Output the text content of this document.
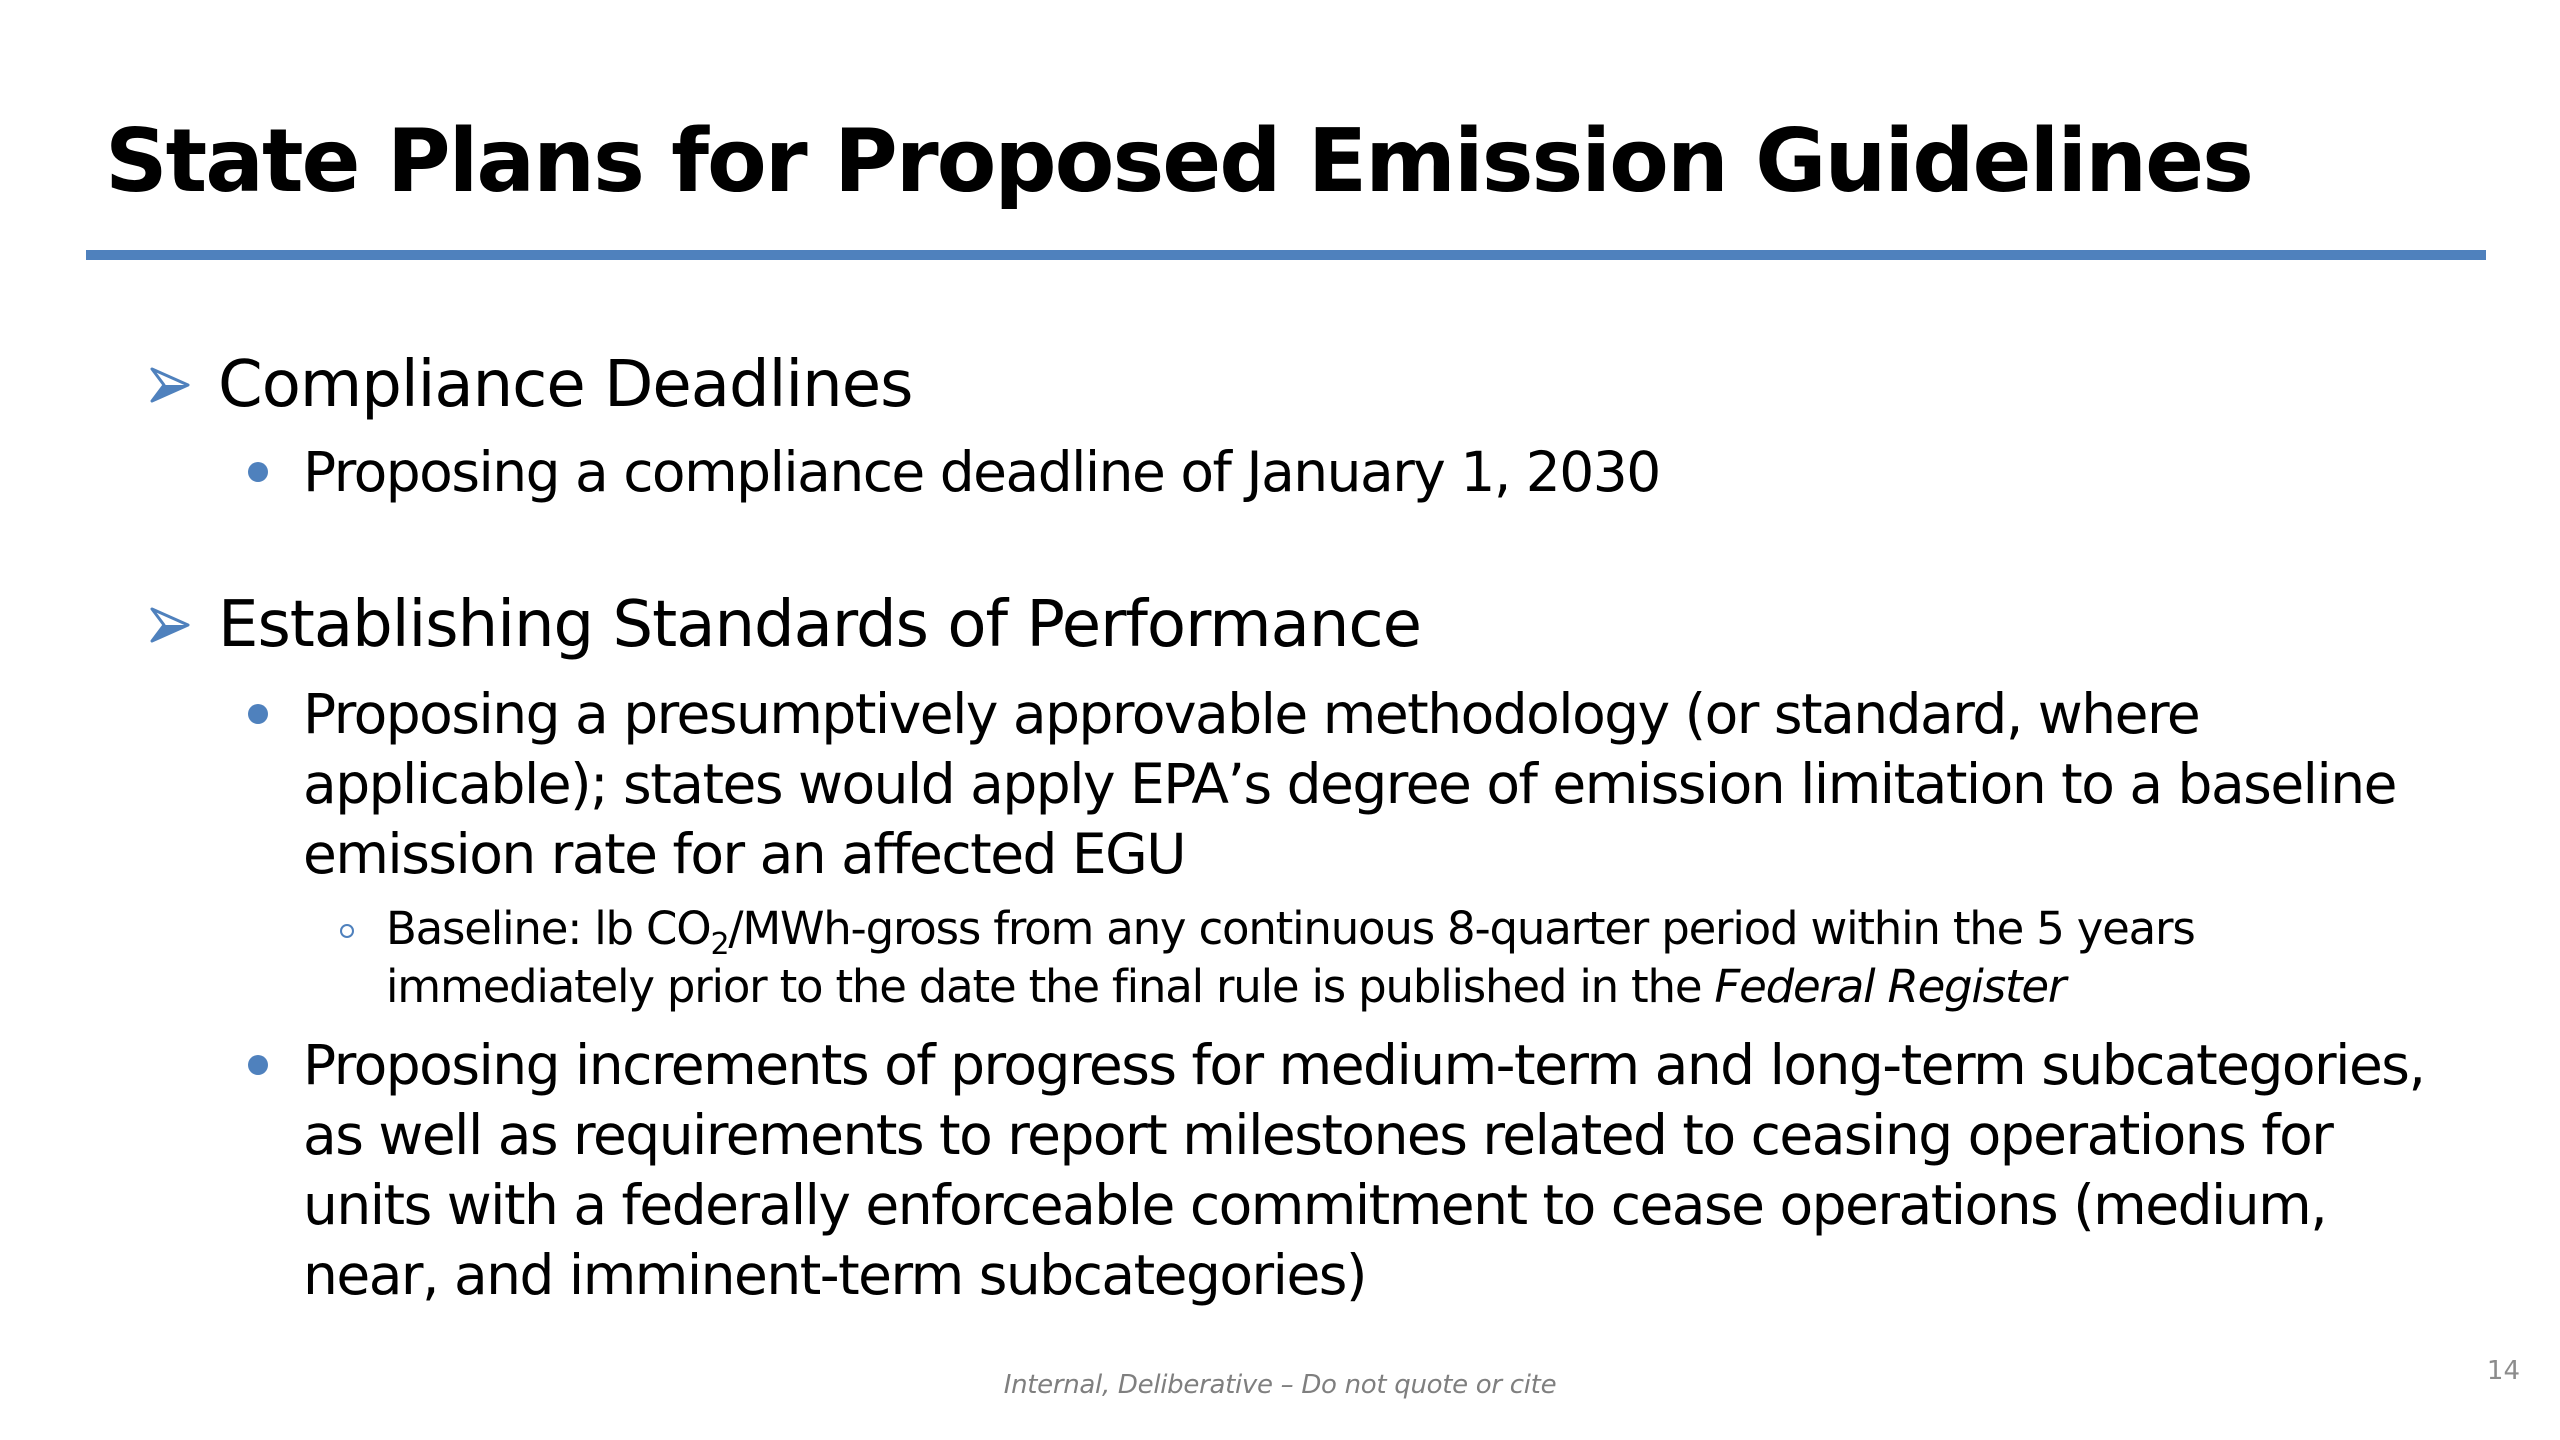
State Plans for Proposed Emission Guidelines
Compliance Deadlines
Proposing a compliance deadline of January 1, 2030
Establishing Standards of Performance
Proposing a presumptively approvable methodology (or standard, where
applicable); states would apply EPA’s degree of emission limitation to a baseline
emission rate for an affected EGU
Baseline: lb $CO_2/MWh$-gross from any continuous 8-quarter period within the 5 years
immediately prior to the date the final rule is published in the Federal Register
Proposing increments of progress for medium-term and long-term subcategories,
as well as requirements to report milestones related to ceasing operations for
units with a federally enforceable commitment to cease operations (medium,
near, and imminent-term subcategories)
Internal, Deliberative – Do not quote or cite	14
